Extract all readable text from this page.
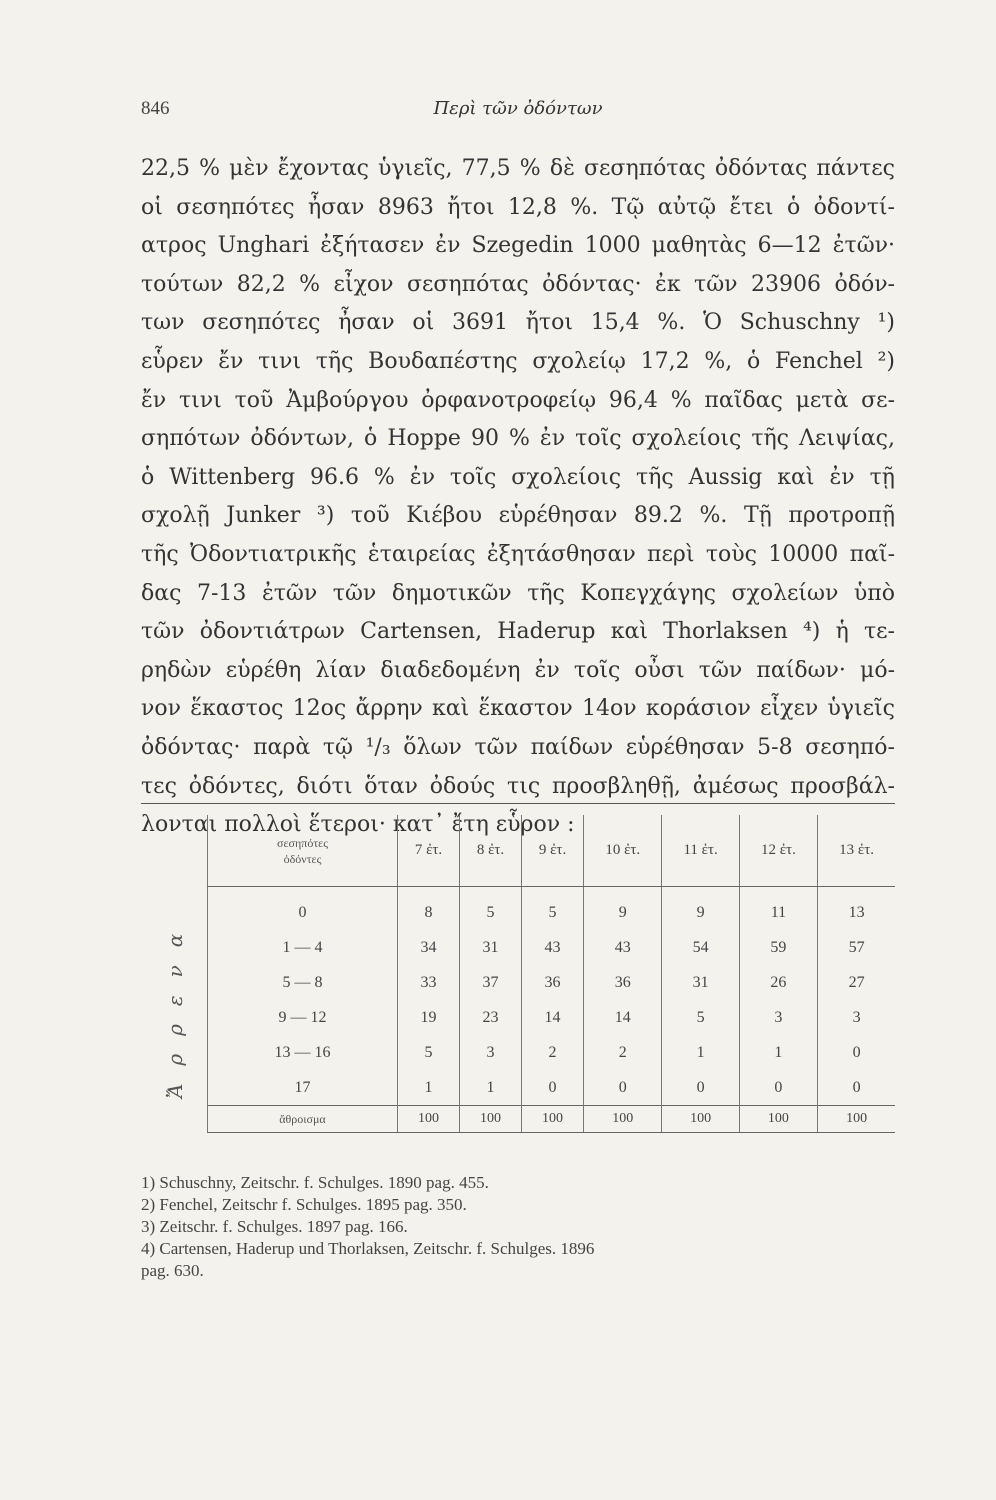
846	Περὶ τῶν ὀδόντων
22,5 % μὲν ἔχοντας ὑγιεῖς, 77,5 % δὲ σεσηπότας ὀδόντας πάντες
οἱ σεσηπότες ἦσαν 8963 ἤτοι 12,8 %. Τῷ αὐτῷ ἔτει ὁ ὀδοντί-
ατρος Unghari ἐξήτασεν ἐν Szegedin 1000 μαθητὰς 6—12 ἐτῶν·
τούτων 82,2 % εἶχον σεσηπότας ὀδόντας· ἐκ τῶν 23906 ὀδόν-
των σεσηπότες ἦσαν οἱ 3691 ἤτοι 15,4 %. Ὁ Schuschny ¹)
εὗρεν ἔν τινι τῆς Βουδαπέστης σχολείῳ 17,2 %, ὁ Fenchel ²)
ἔν τινι τοῦ Ἀμβούργου ὀρφανοτροφείῳ 96,4 % παῖδας μετὰ σε-
σηπότων ὀδόντων, ὁ Hoppe 90 % ἐν τοῖς σχολείοις τῆς Λειψίας,
ὁ Wittenberg 96.6 % ἐν τοῖς σχολείοις τῆς Aussig καὶ ἐν τῇ
σχολῇ Junker ³) τοῦ Κιέβου εὑρέθησαν 89.2 %. Τῇ προτροπῇ
τῆς Ὀδοντιατρικῆς ἑταιρείας ἐξητάσθησαν περὶ τοὺς 10000 παῖ-
δας 7-13 ἐτῶν τῶν δημοτικῶν τῆς Κοπεγχάγης σχολείων ὑπὸ
τῶν ὀδοντιάτρων Cartensen, Haderup καὶ Thorlaksen ⁴) ἡ τε-
ρηδὼν εὑρέθη λίαν διαδεδομένη ἐν τοῖς οὖσι τῶν παίδων· μό-
νον ἕκαστος 12ος ἄρρην καὶ ἕκαστον 14ον κοράσιον εἶχεν ὑγιεῖς
ὀδόντας· παρὰ τῷ ¹/₃ ὅλων τῶν παίδων εὑρέθησαν 5-8 σεσηπό-
τες ὀδόντες, διότι ὅταν ὀδούς τις προσβληθῇ, ἀμέσως προσβάλ-
λονται πολλοὶ ἕτεροι· κατ᾽ ἔτη εὗρον :
Ἄρρενα
σεσηπότες
ὀδόντες	7 ἐτ.	8 ἐτ.	9 ἐτ.	10 ἐτ.	11 ἐτ.	12 ἐτ.	13 ἐτ.
0	8	5	5	9	9	11	13
1 — 4	34	31	43	43	54	59	57
5 — 8	33	37	36	36	31	26	27
9 — 12	19	23	14	14	5	3	3
13 — 16	5	3	2	2	1	1	0
17	1	1	0	0	0	0	0
ἄθροισμα	100	100	100	100	100	100	100
1) Schuschny, Zeitschr. f. Schulges. 1890 pag. 455.
2) Fenchel, Zeitschr f. Schulges. 1895 pag. 350.
3) Zeitschr. f. Schulges. 1897 pag. 166.
4) Cartensen, Haderup und Thorlaksen, Zeitschr. f. Schulges. 1896
pag. 630.
